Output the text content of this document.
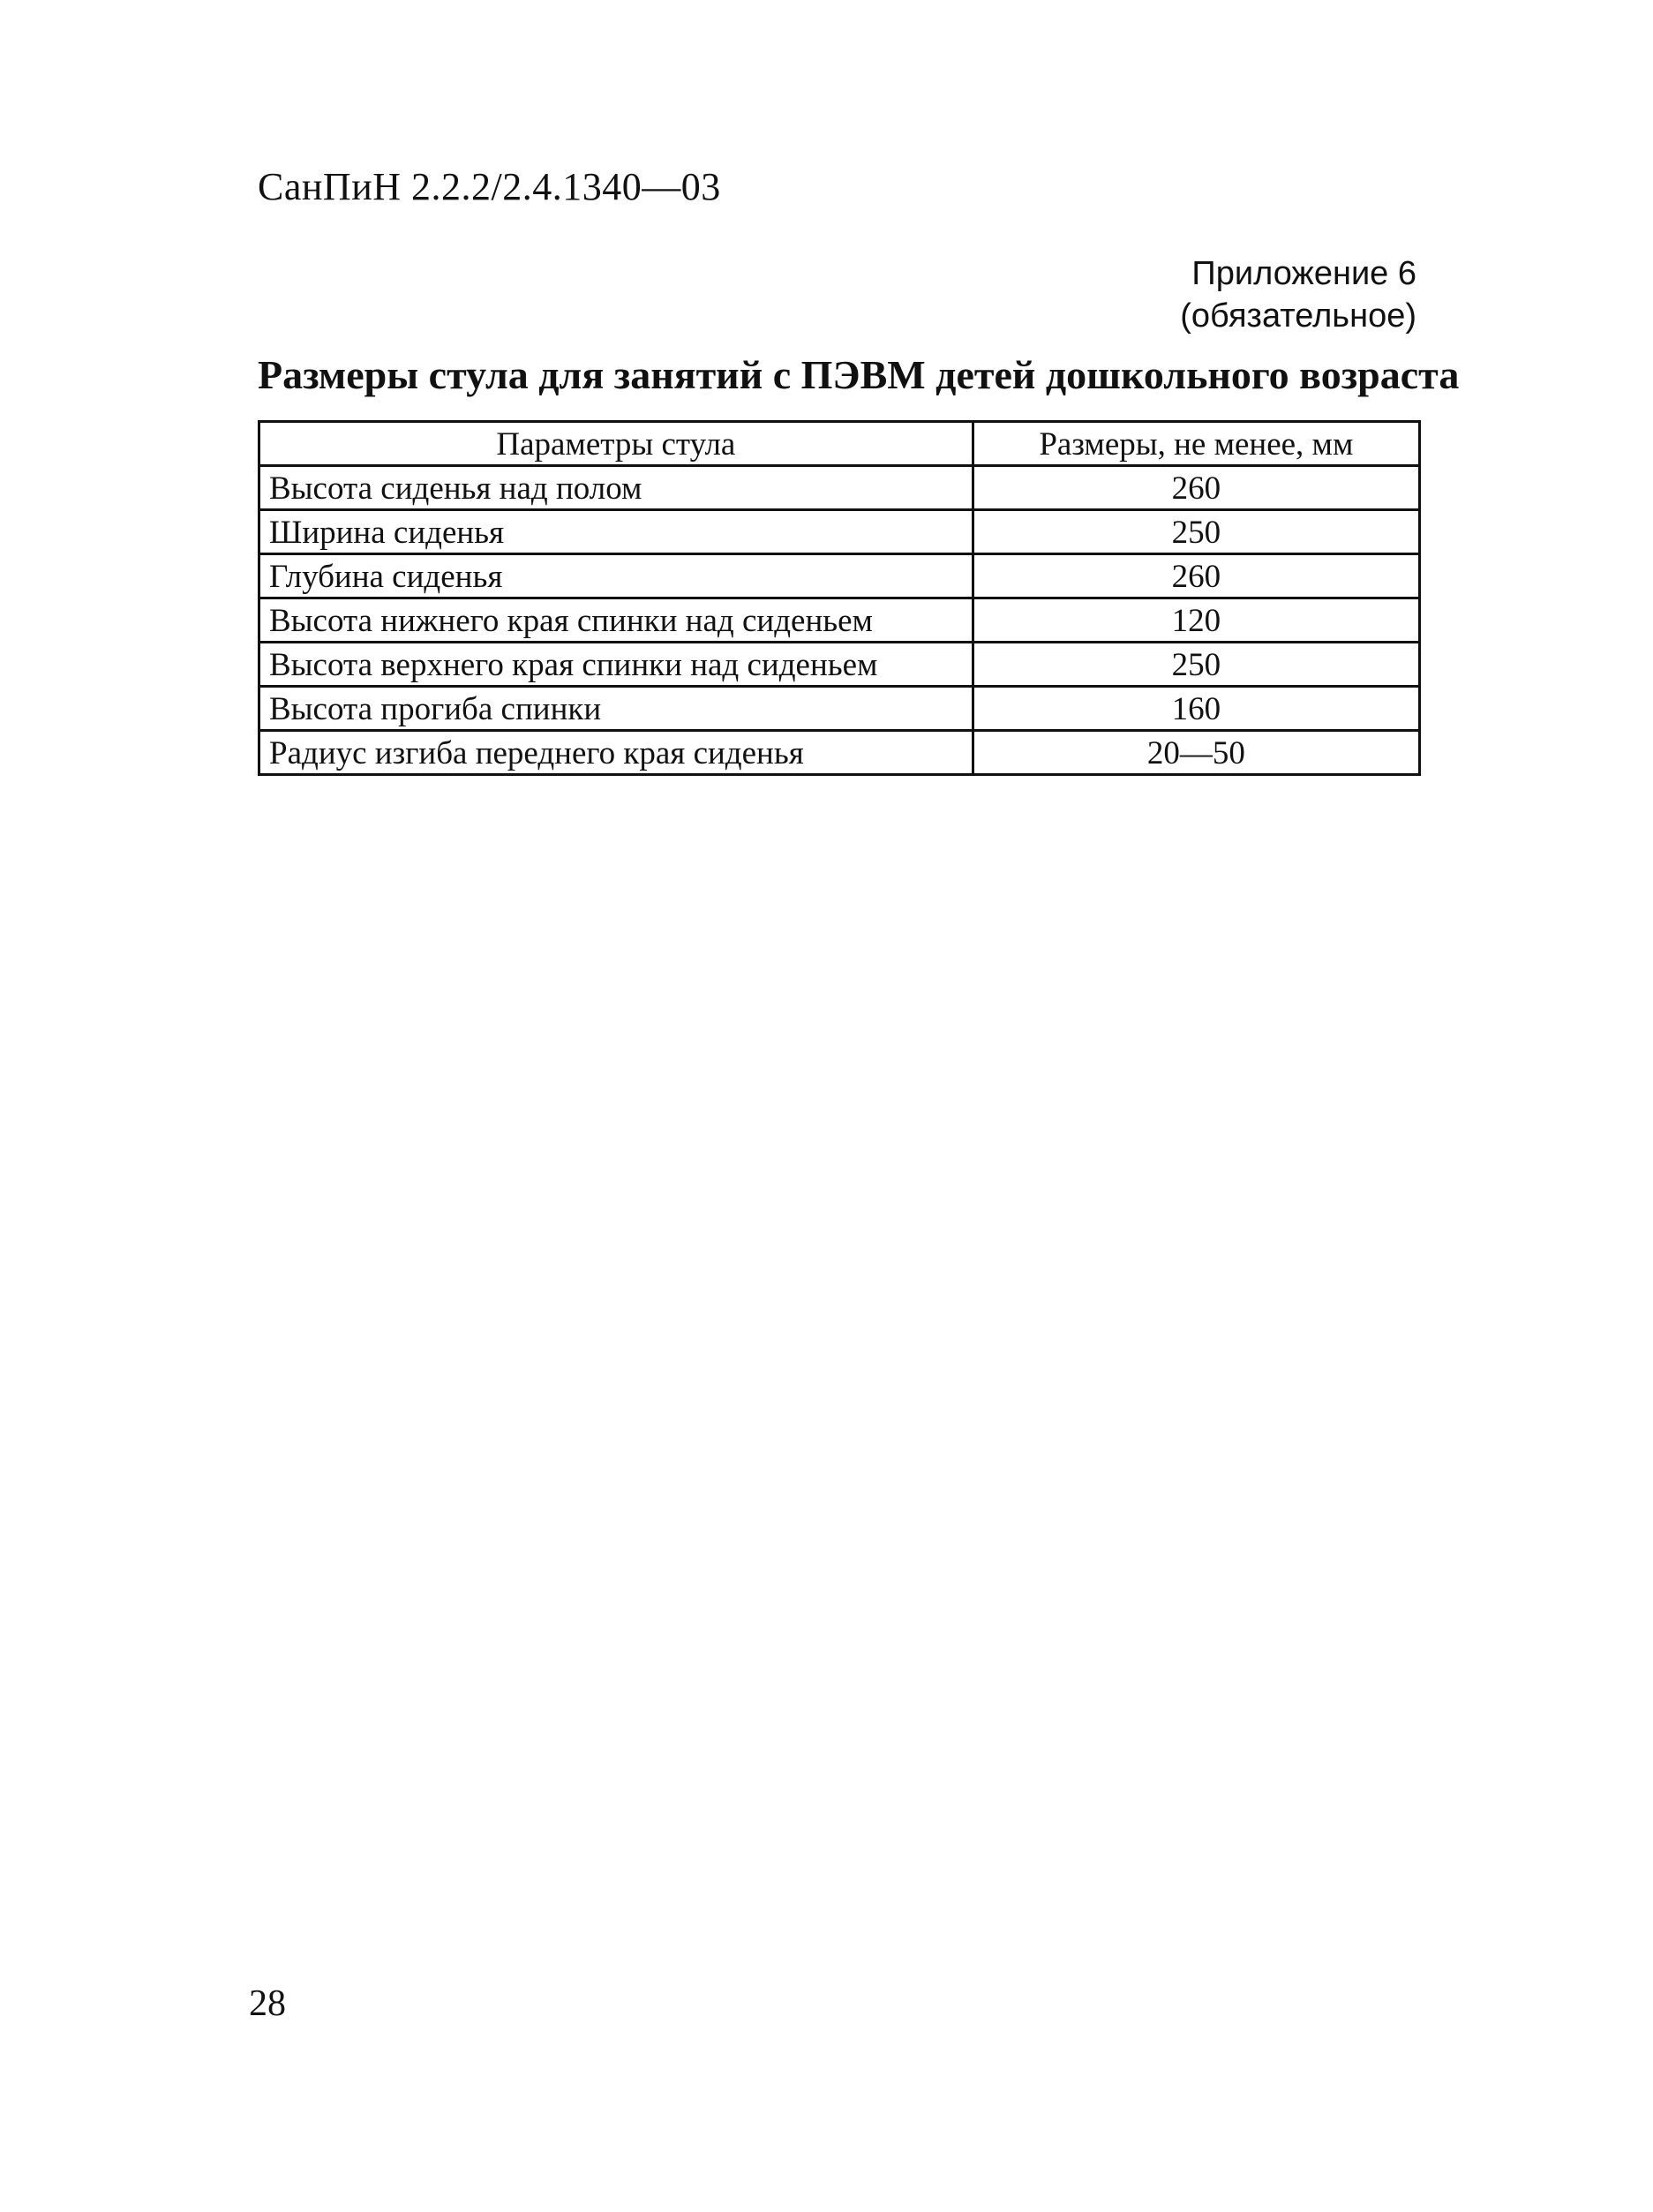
СанПиН 2.2.2/2.4.1340—03
Приложение 6
(обязательное)
Размеры стула для занятий с ПЭВМ детей дошкольного возраста
Параметры стула	Размеры, не менее, мм
Высота сиденья над полом	260
Ширина сиденья	250
Глубина сиденья	260
Высота нижнего края спинки над сиденьем	120
Высота верхнего края спинки над сиденьем	250
Высота прогиба спинки	160
Радиус изгиба переднего края сиденья	20—50
28
